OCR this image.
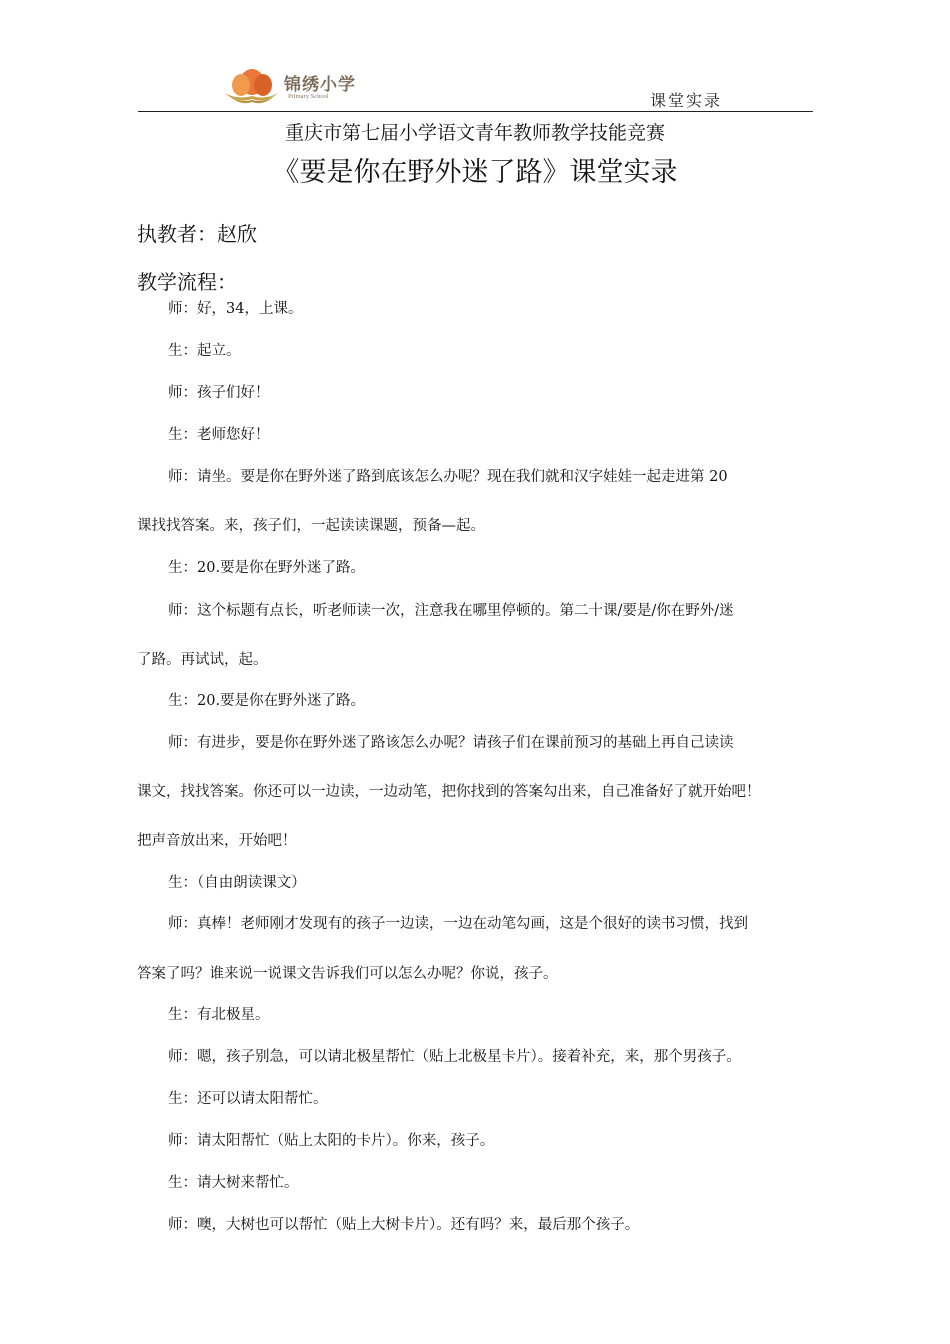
锦绣小学
Primary School	课堂实录
重庆市第七届小学语文青年教师教学技能竞赛
《要是你在野外迷了路》课堂实录
执教者：赵欣
教学流程：
师：好，34，上课。
生：起立。
师：孩子们好！
生：老师您好！
师：请坐。要是你在野外迷了路到底该怎么办呢？现在我们就和汉字娃娃一起走进第 20
课找找答案。来，孩子们，一起读读课题，预备—起。
生：20.要是你在野外迷了路。
师：这个标题有点长，听老师读一次，注意我在哪里停顿的。第二十课/要是/你在野外/迷
了路。再试试，起。
生：20.要是你在野外迷了路。
师：有进步，要是你在野外迷了路该怎么办呢？请孩子们在课前预习的基础上再自己读读
课文，找找答案。你还可以一边读，一边动笔，把你找到的答案勾出来，自己准备好了就开始吧！
把声音放出来，开始吧！
生：（自由朗读课文）
师：真棒！老师刚才发现有的孩子一边读，一边在动笔勾画，这是个很好的读书习惯，找到
答案了吗？谁来说一说课文告诉我们可以怎么办呢？你说，孩子。
生：有北极星。
师：嗯，孩子别急，可以请北极星帮忙（贴上北极星卡片）。接着补充，来，那个男孩子。
生：还可以请太阳帮忙。
师：请太阳帮忙（贴上太阳的卡片）。你来，孩子。
生：请大树来帮忙。
师：噢，大树也可以帮忙（贴上大树卡片）。还有吗？来，最后那个孩子。
